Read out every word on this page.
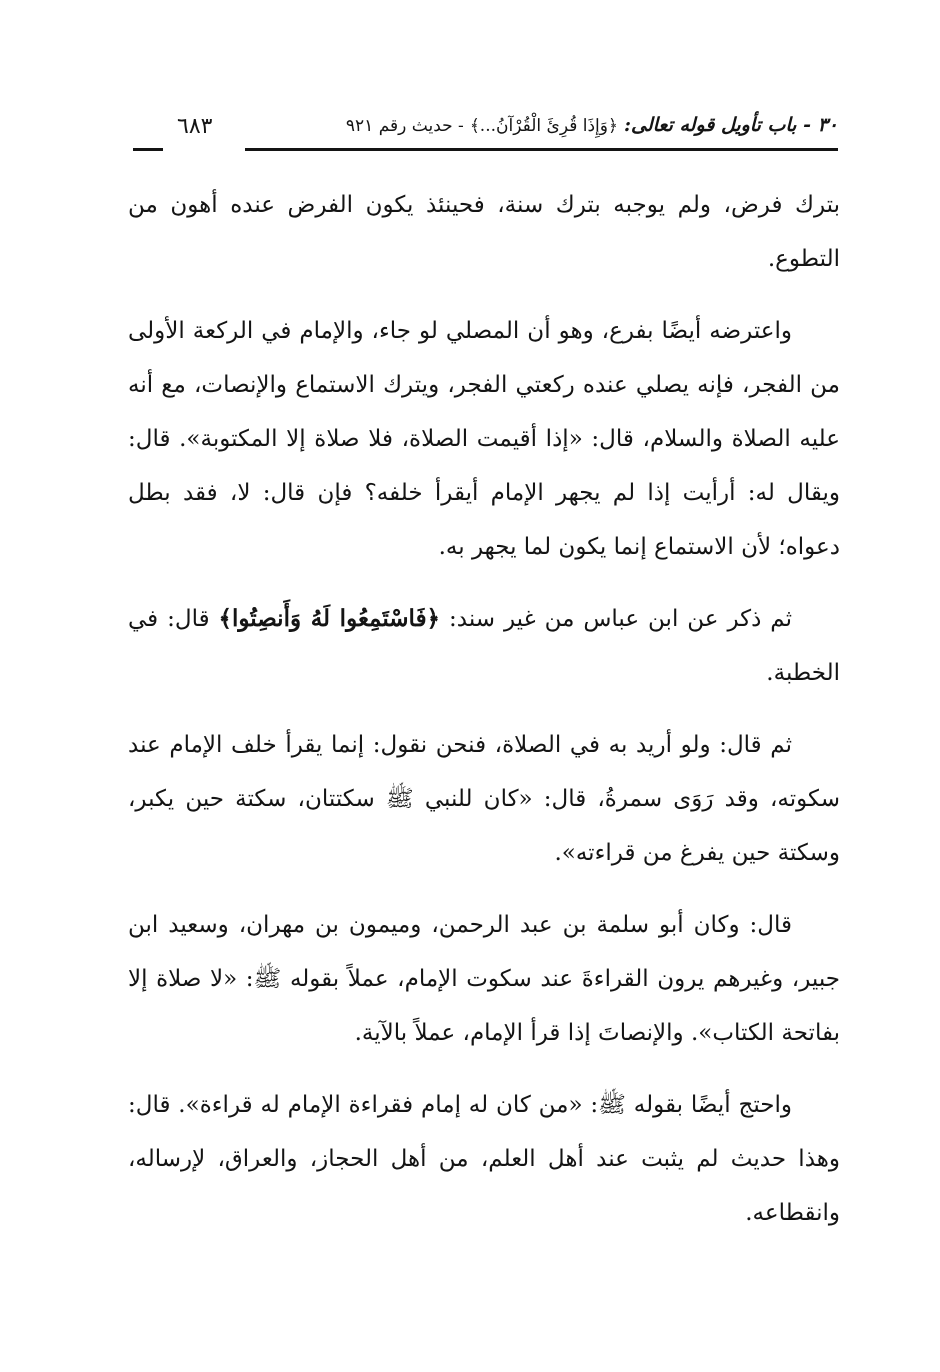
٣٠ - باب تأويل قوله تعالى: ﴿وَإِذَا قُرِئَ الْقُرْآنُ...﴾ - حديث رقم ٩٢١
٦٨٣

بترك فرض، ولم يوجبه بترك سنة، فحينئذ يكون الفرض عنده أهون من التطوع.

واعترضه أيضًا بفرع، وهو أن المصلي لو جاء، والإمام في الركعة الأولى من الفجر، فإنه يصلي عنده ركعتي الفجر، ويترك الاستماع والإنصات، مع أنه عليه الصلاة والسلام، قال: «إذا أقيمت الصلاة، فلا صلاة إلا المكتوبة». قال: ويقال له: أرأيت إذا لم يجهر الإمام أيقرأ خلفه؟ فإن قال: لا، فقد بطل دعواه؛ لأن الاستماع إنما يكون لما يجهر به.

ثم ذكر عن ابن عباس من غير سند: ﴿فَاسْتَمِعُوا لَهُ وَأَنصِتُوا﴾ قال: في الخطبة.

ثم قال: ولو أريد به في الصلاة، فنحن نقول: إنما يقرأ خلف الإمام عند سكوته، وقد رَوَى سمرةُ، قال: «كان للنبي ﷺ سكتتان، سكتة حين يكبر، وسكتة حين يفرغ من قراءته».

قال: وكان أبو سلمة بن عبد الرحمن، وميمون بن مهران، وسعيد ابن جبير، وغيرهم يرون القراءةَ عند سكوت الإمام، عملاً بقوله ﷺ: «لا صلاة إلا بفاتحة الكتاب». والإنصاتَ إذا قرأ الإمام، عملاً بالآية.

واحتج أيضًا بقوله ﷺ: «من كان له إمام فقراءة الإمام له قراءة». قال: وهذا حديث لم يثبت عند أهل العلم، من أهل الحجاز، والعراق، لإرساله، وانقطاعه.
